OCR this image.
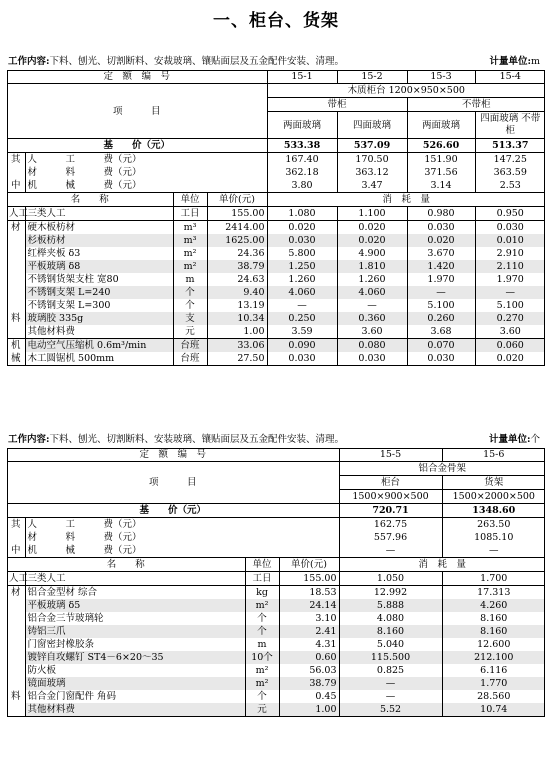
一、柜台、货架
工作内容:下料、刨光、切割断料、安裁玻璃、镶贴面层及五金配件安装、清理。	计量单位:m
定　额　编　号				15-1	15-2	15-3	15-4
项　　　目				木质柜台 1200×950×500			
				带柜		不带柜	
				两面玻璃	四面玻璃	两面玻璃	四面玻璃 不带柜
基　　价（元）				533.38	537.09	526.60	513.37
其	人　　　工　　　费（元）			167.40	170.50	151.90	147.25
	材　　　料　　　费（元）			362.18	363.12	371.56	363.59
中	机　　　械　　　费（元）			3.80	3.47	3.14	2.53
名　　称		单位	单价(元)	消　耗　量			
人工	三类人工	工日	155.00	1.080	1.100	0.980	0.950
材	硬木板枋材	m³	2414.00	0.020	0.020	0.030	0.030
	杉板枋材	m³	1625.00	0.030	0.020	0.020	0.010
	红榉夹板 δ3	m²	24.36	5.800	4.900	3.670	2.910
	平板玻璃 δ8	m²	38.79	1.250	1.810	1.420	2.110
	不锈钢货架支柱 宽80	m	24.63	1.260	1.260	1.970	1.970
	不锈钢支架 L=240	个	9.40	4.060	4.060	—	—
	不锈钢支架 L=300	个	13.19	—	—	5.100	5.100
料	玻璃胶 335g	支	10.34	0.250	0.360	0.260	0.270
	其他材料费	元	1.00	3.59	3.60	3.68	3.60
机	电动空气压缩机 0.6m³/min	台班	33.06	0.090	0.080	0.070	0.060
械	木工圆锯机 500mm	台班	27.50	0.030	0.030	0.030	0.020
工作内容:下料、刨光、切割断料、安装玻璃、镶贴面层及五金配件安装、清理。	计量单位:个
定　额　编　号				15-5	15-6
项　　　目				铝合金骨架	
				柜台	货架
				1500×900×500	1500×2000×500
基　　价（元）				720.71	1348.60
其	人　　　工　　　费（元）			162.75	263.50
	材　　　料　　　费（元）			557.96	1085.10
中	机　　　械　　　费（元）			—	—
名　　称		单位	单价(元)	消　耗　量	
人工	三类人工	工日	155.00	1.050	1.700
材	铝合金型材 综合	kg	18.53	12.992	17.313
	平板玻璃 δ5	m²	24.14	5.888	4.260
	铝合金三节玻璃轮	个	3.10	4.080	8.160
	铸铝三爪	个	2.41	8.160	8.160
	门窗密封橡胶条	m	4.31	5.040	12.600
	镀锌自攻螺钉 ST4－6×20～35	10个	0.60	115.500	212.100
	防火板	m²	56.03	0.825	6.116
	镜面玻璃	m²	38.79	—	1.770
料	铝合金门窗配件 角码	个	0.45	—	28.560
	其他材料费	元	1.00	5.52	10.74
